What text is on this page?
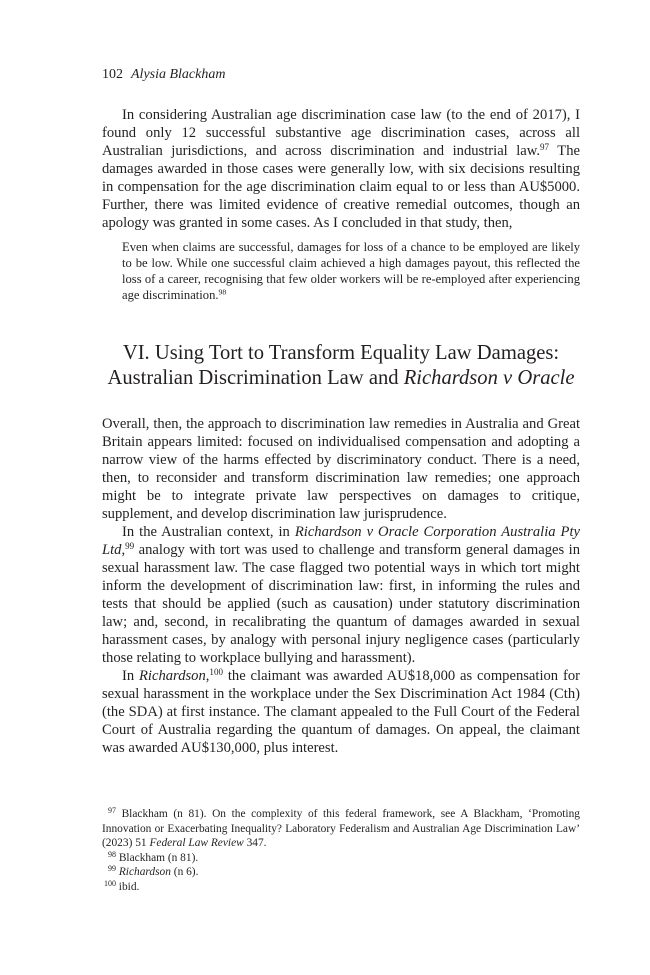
102 Alysia Blackham

In considering Australian age discrimination case law (to the end of 2017), I found only 12 successful substantive age discrimination cases, across all Australian jurisdictions, and across discrimination and industrial law.$^{97}$ The damages awarded in those cases were generally low, with six decisions resulting in compensation for the age discrimination claim equal to or less than AU$5000. Further, there was limited evidence of creative remedial outcomes, though an apology was granted in some cases. As I concluded in that study, then,

Even when claims are successful, damages for loss of a chance to be employed are likely to be low. While one successful claim achieved a high damages payout, this reflected the loss of a career, recognising that few older workers will be re-employed after experiencing age discrimination.$^{98}$
VI. Using Tort to Transform Equality Law Damages:
Australian Discrimination Law and Richardson v Oracle

Overall, then, the approach to discrimination law remedies in Australia and Great Britain appears limited: focused on individualised compensation and adopting a narrow view of the harms effected by discriminatory conduct. There is a need, then, to reconsider and transform discrimination law remedies; one approach might be to integrate private law perspectives on damages to critique, supplement, and develop discrimination law jurisprudence.

In the Australian context, in Richardson v Oracle Corporation Australia Pty Ltd,$^{99}$ analogy with tort was used to challenge and transform general damages in sexual harassment law. The case flagged two potential ways in which tort might inform the development of discrimination law: first, in informing the rules and tests that should be applied (such as causation) under statutory discrimination law; and, second, in recalibrating the quantum of damages awarded in sexual harassment cases, by analogy with personal injury negligence cases (particularly those relating to workplace bullying and harassment).

In Richardson,$^{100}$ the claimant was awarded AU$18,000 as compensation for sexual harassment in the workplace under the Sex Discrimination Act 1984 (Cth) (the SDA) at first instance. The clamant appealed to the Full Court of the Federal Court of Australia regarding the quantum of damages. On appeal, the claimant was awarded AU$130,000, plus interest.

$^{97}$ Blackham (n 81). On the complexity of this federal framework, see A Blackham, ‘Promoting Innovation or Exacerbating Inequality? Laboratory Federalism and Australian Age Discrimination Law’ (2023) 51 Federal Law Review 347.
$^{98}$ Blackham (n 81).
$^{99}$ Richardson (n 6).
$^{100}$ ibid.
